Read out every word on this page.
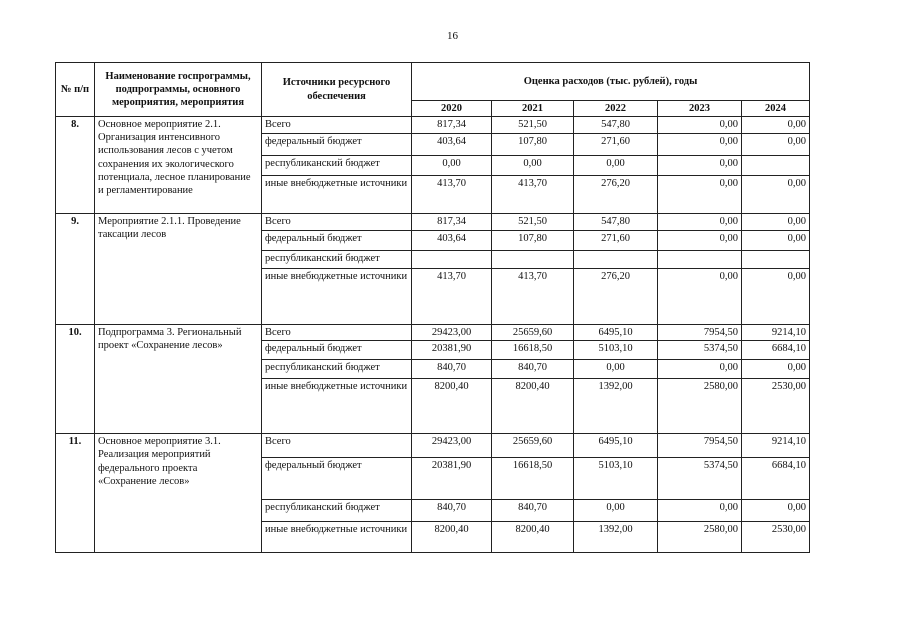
16
№ п/п	Наименование госпрограммы, подпрограммы, основного мероприятия, мероприятия	Источники ресурсного обеспечения	Оценка расходов (тыс. рублей), годы				
			2020	2021	2022	2023	2024
8.	Основное мероприятие 2.1. Организация интенсивного использования лесов с учетом сохранения их экологического потенциала, лесное планирование и регламентирование	Всего	817,34	521,50	547,80	0,00	0,00
		федеральный бюджет	403,64	107,80	271,60	0,00	0,00
		республиканский бюджет	0,00	0,00	0,00	0,00	
		иные внебюджетные источники	413,70	413,70	276,20	0,00	0,00
9.	Мероприятие 2.1.1. Проведение таксации лесов	Всего	817,34	521,50	547,80	0,00	0,00
		федеральный бюджет	403,64	107,80	271,60	0,00	0,00
		республиканский бюджет					
		иные внебюджетные источники	413,70	413,70	276,20	0,00	0,00
10.	Подпрограмма 3. Региональный проект «Сохранение лесов»	Всего	29423,00	25659,60	6495,10	7954,50	9214,10
		федеральный бюджет	20381,90	16618,50	5103,10	5374,50	6684,10
		республиканский бюджет	840,70	840,70	0,00	0,00	0,00
		иные внебюджетные источники	8200,40	8200,40	1392,00	2580,00	2530,00
11.	Основное мероприятие 3.1. Реализация мероприятий федерального проекта «Сохранение лесов»	Всего	29423,00	25659,60	6495,10	7954,50	9214,10
		федеральный бюджет	20381,90	16618,50	5103,10	5374,50	6684,10
		республиканский бюджет	840,70	840,70	0,00	0,00	0,00
		иные внебюджетные источники	8200,40	8200,40	1392,00	2580,00	2530,00
